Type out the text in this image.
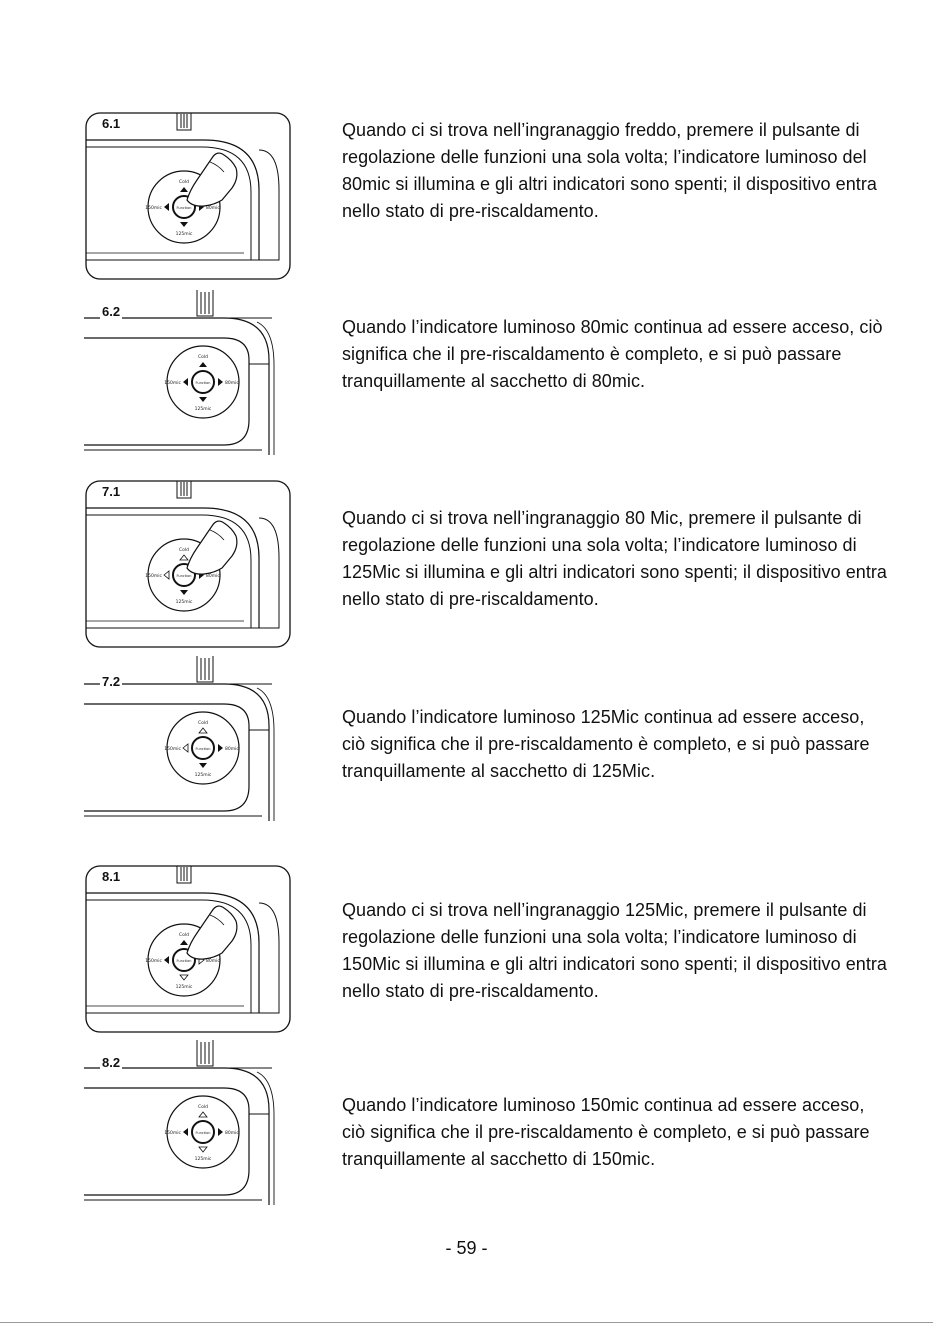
Cold
125mic
150mic	80mic
Function
6.1	Quando ci si trova nell’ingranaggio freddo, premere il pulsante di regolazione delle funzioni una sola volta; l’indicatore luminoso del 80mic si illumina e gli altri indicatori sono spenti; il dispositivo entra nello stato di pre-riscaldamento.

Cold
125mic
150mic	80mic
Function
6.2

Quando l’indicatore luminoso 80mic continua ad essere acceso, ciò significa che il pre-riscaldamento è completo, e si può passare tranquillamente al sacchetto di 80mic.

Cold
125mic
150mic	80mic
Function
7.1

Quando ci si trova nell’ingranaggio 80 Mic, premere il pulsante di regolazione delle funzioni una sola volta; l’indicatore luminoso di 125Mic si illumina e gli altri indicatori sono spenti; il dispositivo entra nello stato di pre-riscaldamento.

Cold
125mic
150mic	80mic
Function
7.2

Quando l’indicatore luminoso 125Mic continua ad essere acceso, ciò significa che il pre-riscaldamento è completo, e si può passare tranquillamente al sacchetto di 125Mic.

Cold
125mic
150mic	80mic
Function
8.1

Quando ci si trova nell’ingranaggio 125Mic, premere il pulsante di regolazione delle funzioni una sola volta; l’indicatore luminoso di 150Mic si illumina e gli altri indicatori sono spenti; il dispositivo entra nello stato di pre-riscaldamento.

Cold
125mic
150mic	80mic
Function
8.2

Quando l’indicatore luminoso 150mic continua ad essere acceso, ciò significa che il pre-riscaldamento è completo, e si può passare tranquillamente al sacchetto di 150mic.

- 59 -
